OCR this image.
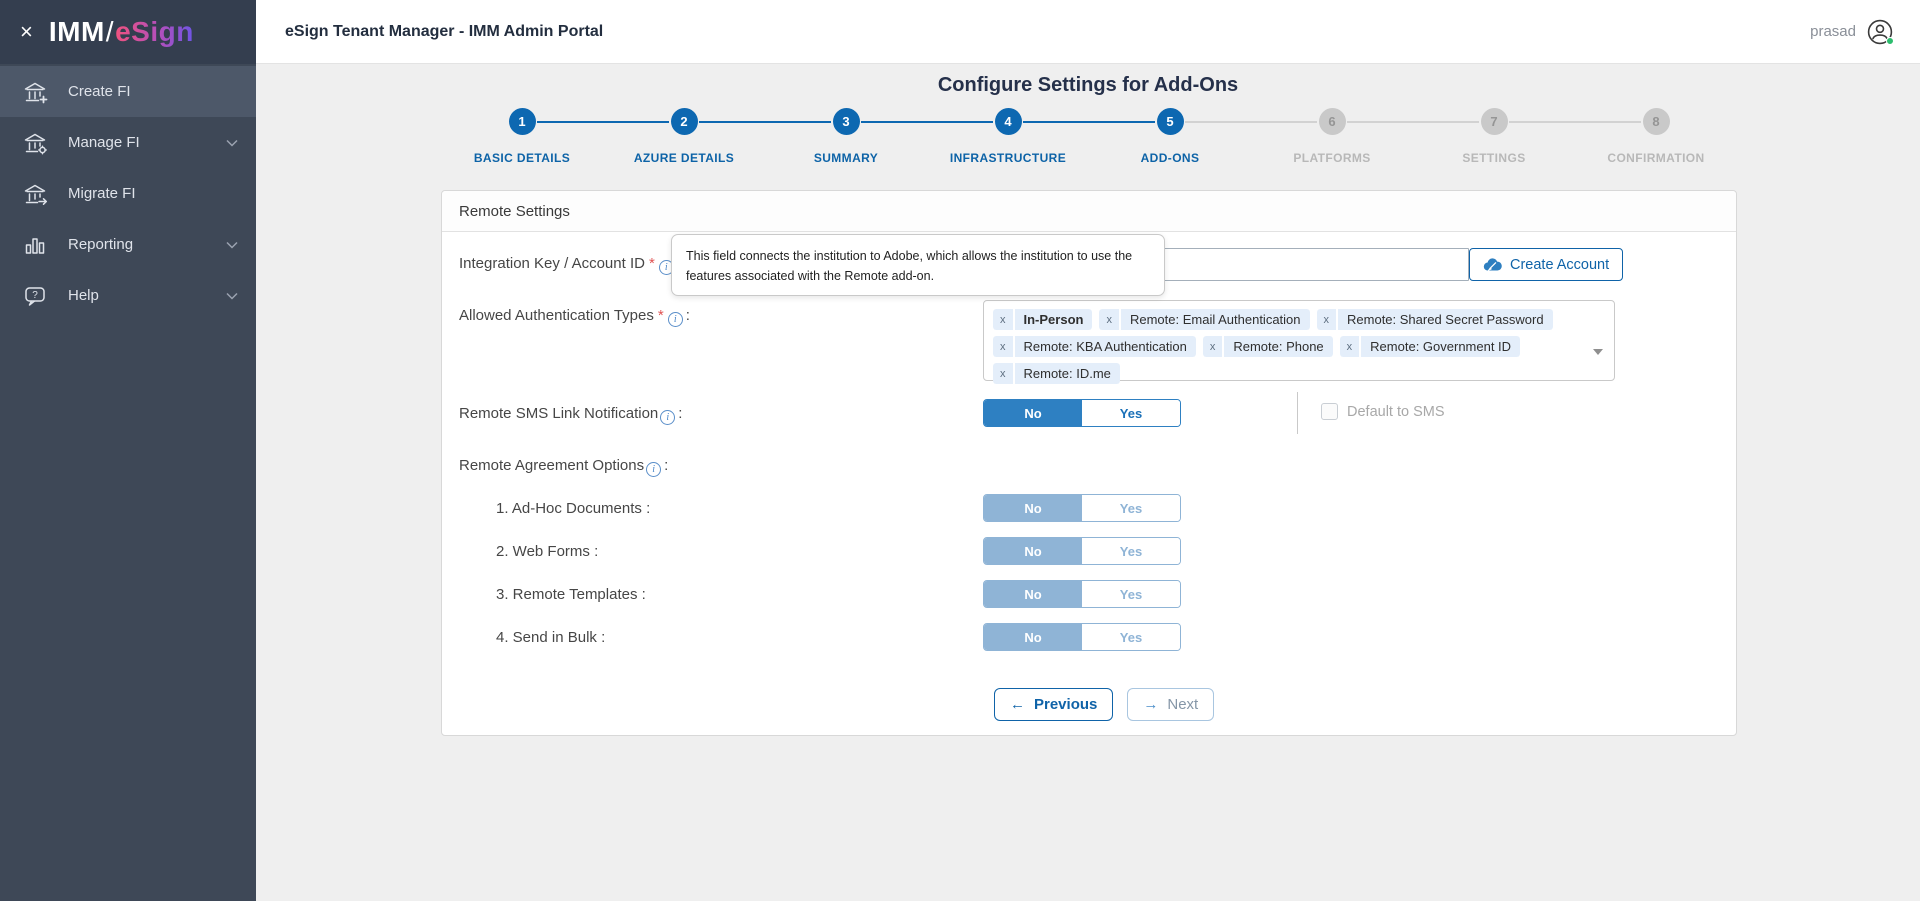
× IMM/eSign
Create FI
Manage FI
Migrate FI
Reporting
? Help
eSign Tenant Manager - IMM Admin Portal	prasad
Configure Settings for Add-Ons
1
BASIC DETAILS
2
AZURE DETAILS
3
SUMMARY
4
INFRASTRUCTURE
5
ADD-ONS
6
PLATFORMS
7
SETTINGS
8
CONFIRMATION
Remote Settings
Integration Key / Account ID * i	Create Account
This field connects the institution to Adobe, which allows the institution to use the features associated with the Remote add-on.
Allowed Authentication Types * i :	x	In-Person	x	Remote: Email Authentication	x	Remote: Shared Secret Password
x	Remote: KBA Authentication	x	Remote: Phone	x	Remote: Government ID
x	Remote: ID.me
Remote SMS Link Notification i :	No	Yes	Default to SMS
Remote Agreement Options i :
1. Ad-Hoc Documents :	No	Yes
2. Web Forms :	No	Yes
3. Remote Templates :	No	Yes
4. Send in Bulk :	No	Yes
← Previous	→ Next
